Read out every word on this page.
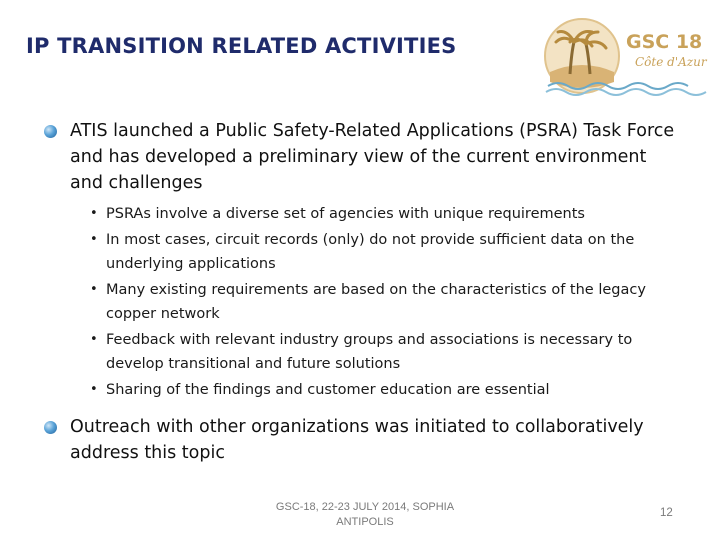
IP TRANSITION RELATED ACTIVITIES	GSC 18
Côte d'Azur
ATIS launched a Public Safety-Related Applications (PSRA) Task Force and has developed a preliminary view of the current environment and challenges
• PSRAs involve a diverse set of agencies with unique requirements
• In most cases, circuit records (only) do not provide sufficient data on the underlying applications
• Many existing requirements are based on the characteristics of the legacy copper network
• Feedback with relevant industry groups and associations is necessary to develop transitional and future solutions
• Sharing of the findings and customer education are essential
Outreach with other organizations was initiated to collaboratively address this topic
GSC-18, 22-23 JULY 2014, SOPHIA
ANTIPOLIS
12
